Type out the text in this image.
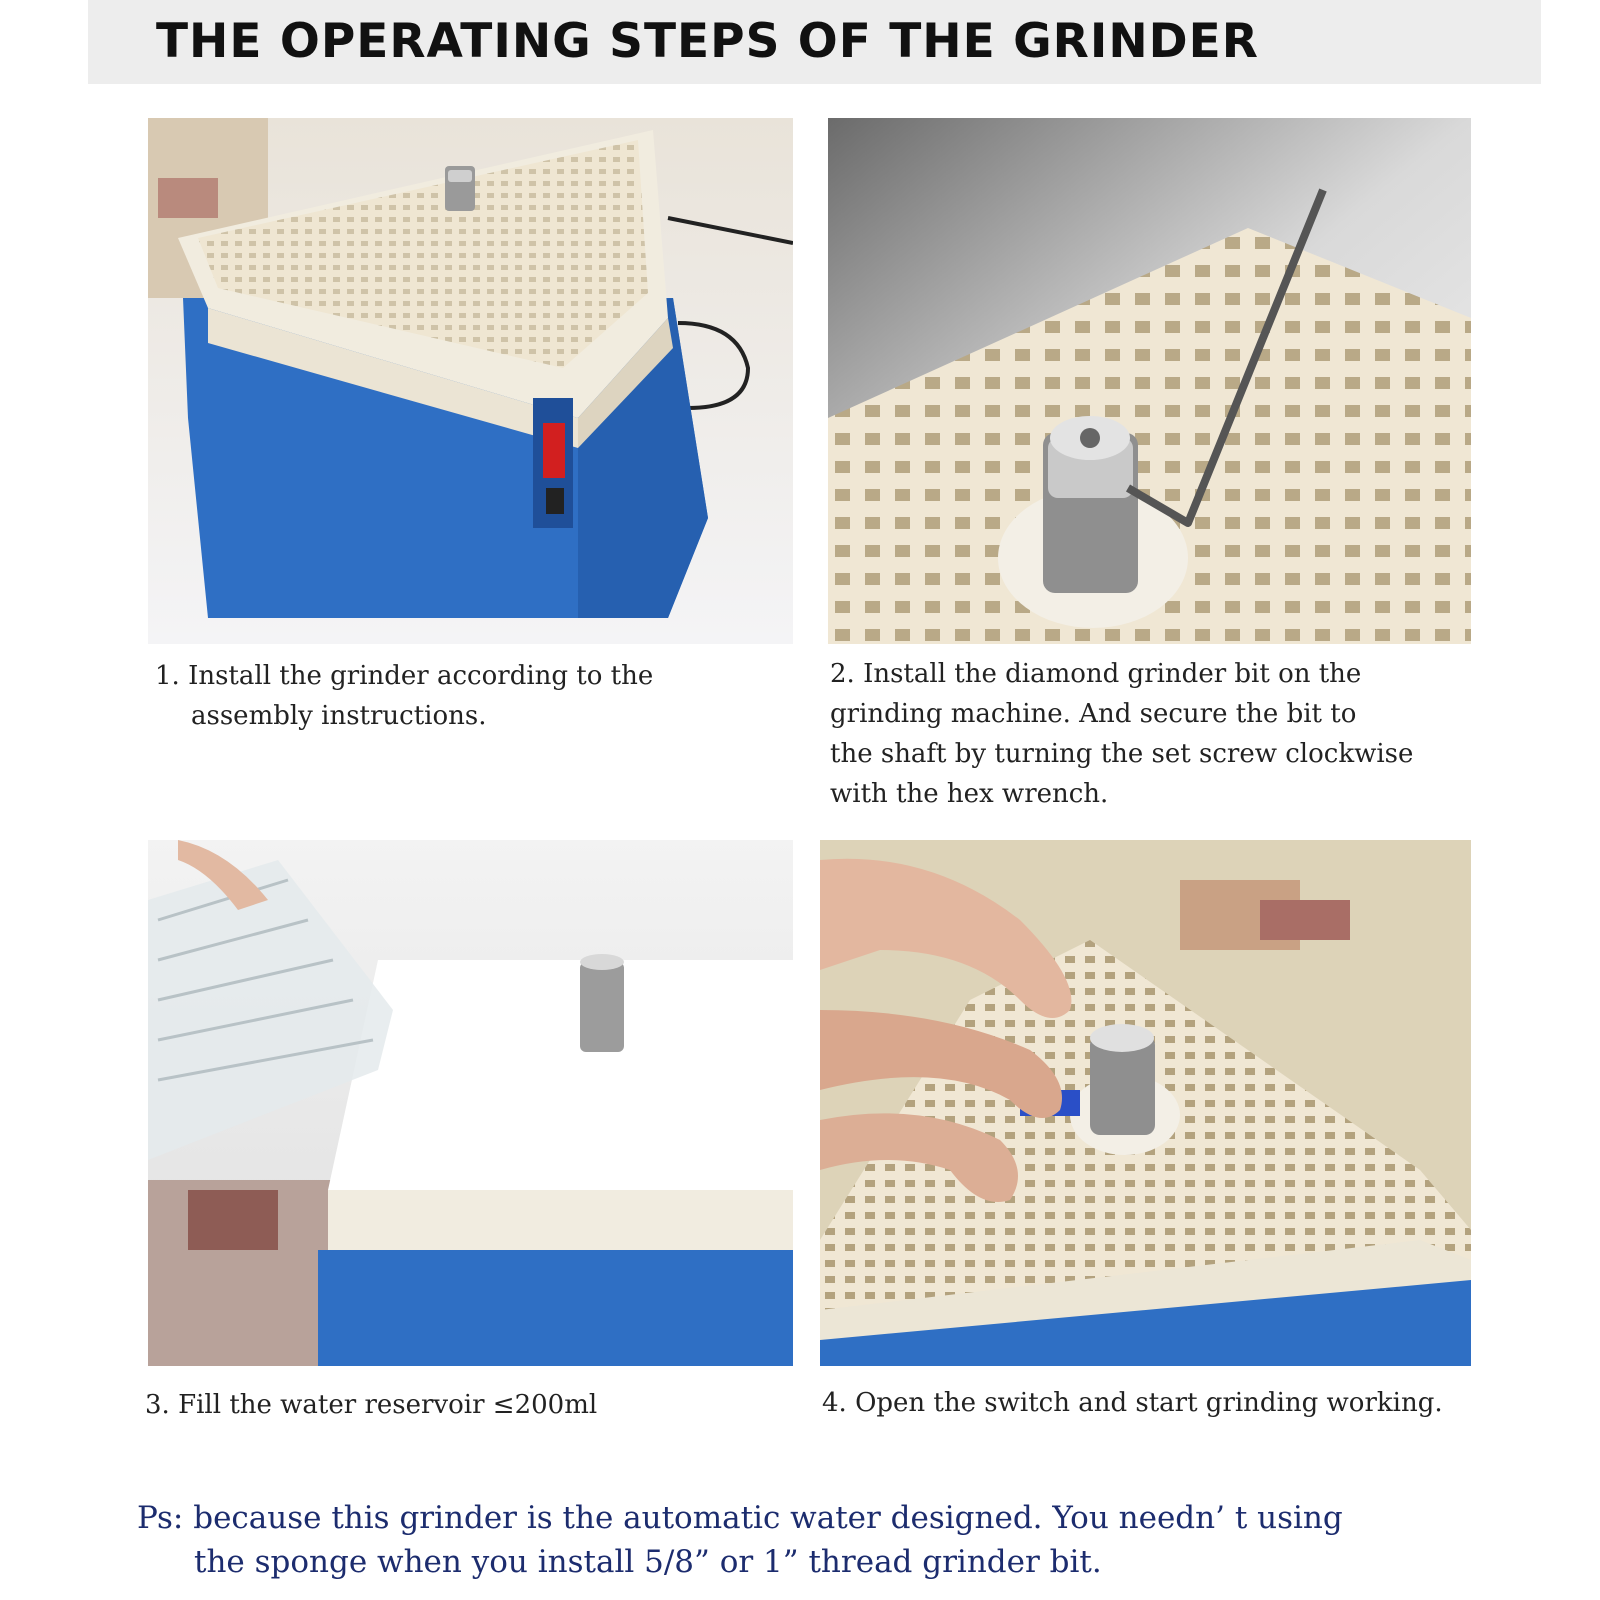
THE OPERATING STEPS OF THE GRINDER

1. Install the grinder according to the
assembly instructions.

2. Install the diamond grinder bit on the
grinding machine. And secure the bit to
the shaft by turning the set screw clockwise
with the hex wrench.

3. Fill the water reservoir ≤200ml	4. Open the switch and start grinding working.

Ps: because this grinder is the automatic water designed. You needn’ t using
the sponge when you install 5/8” or 1” thread grinder bit.
